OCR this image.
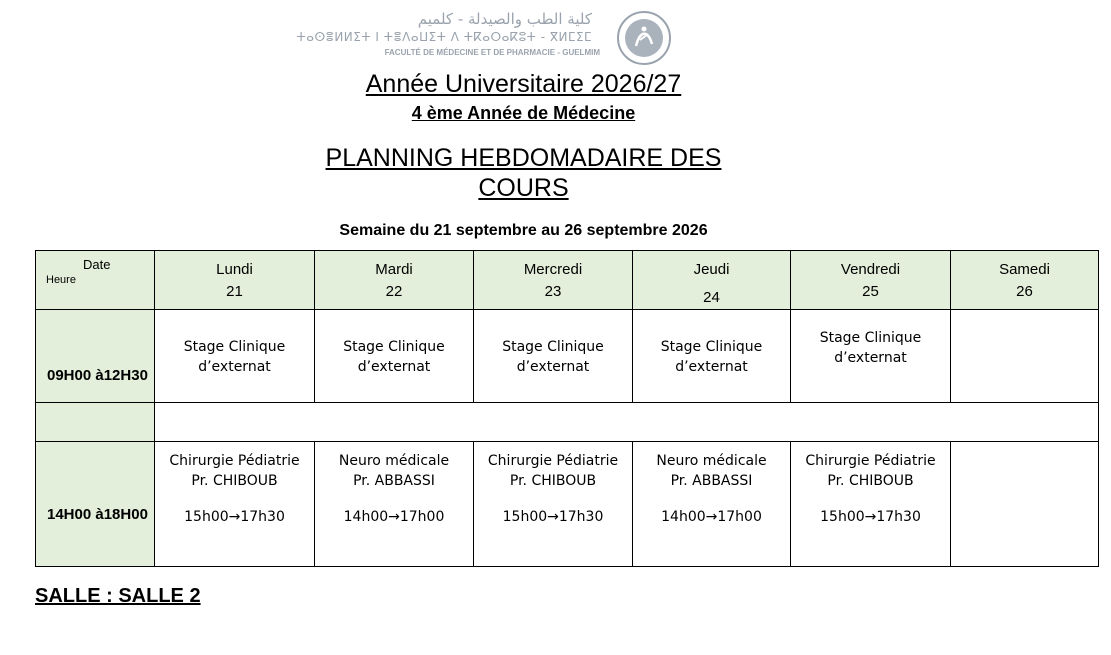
كلية الطب والصيدلة - كلميم
ⵜⴰⵙⴻⵍⵍⵉⵜ ⵏ ⵜⴻⴷⴰⵡⵉⵜ ⴷ ⵜⴽⴰⵔⴰⴽⵓⵜ - ⴳⵍⵎⵉⵎ
FACULTÉ DE MÉDECINE ET DE PHARMACIE - GUELMIM
Année Universitaire 2026/27
4 ème Année de Médecine
PLANNING HEBDOMADAIRE DES
COURS
Semaine du 21 septembre au 26 septembre 2026
Date
Heure
Lundi
21
Mardi
22
Mercredi
23
Jeudi
24
Vendredi
25
Samedi
26
09H00 à12H30
Stage Clinique
d’externat
Stage Clinique
d’externat
Stage Clinique
d’externat
Stage Clinique
d’externat
Stage Clinique
d’externat
14H00 à18H00
Chirurgie Pédiatrie
Pr. CHIBOUB
15h00→17h30
Neuro médicale
Pr. ABBASSI
14h00→17h00
Chirurgie Pédiatrie
Pr. CHIBOUB
15h00→17h30
Neuro médicale
Pr. ABBASSI
14h00→17h00
Chirurgie Pédiatrie
Pr. CHIBOUB
15h00→17h30
SALLE : SALLE 2
